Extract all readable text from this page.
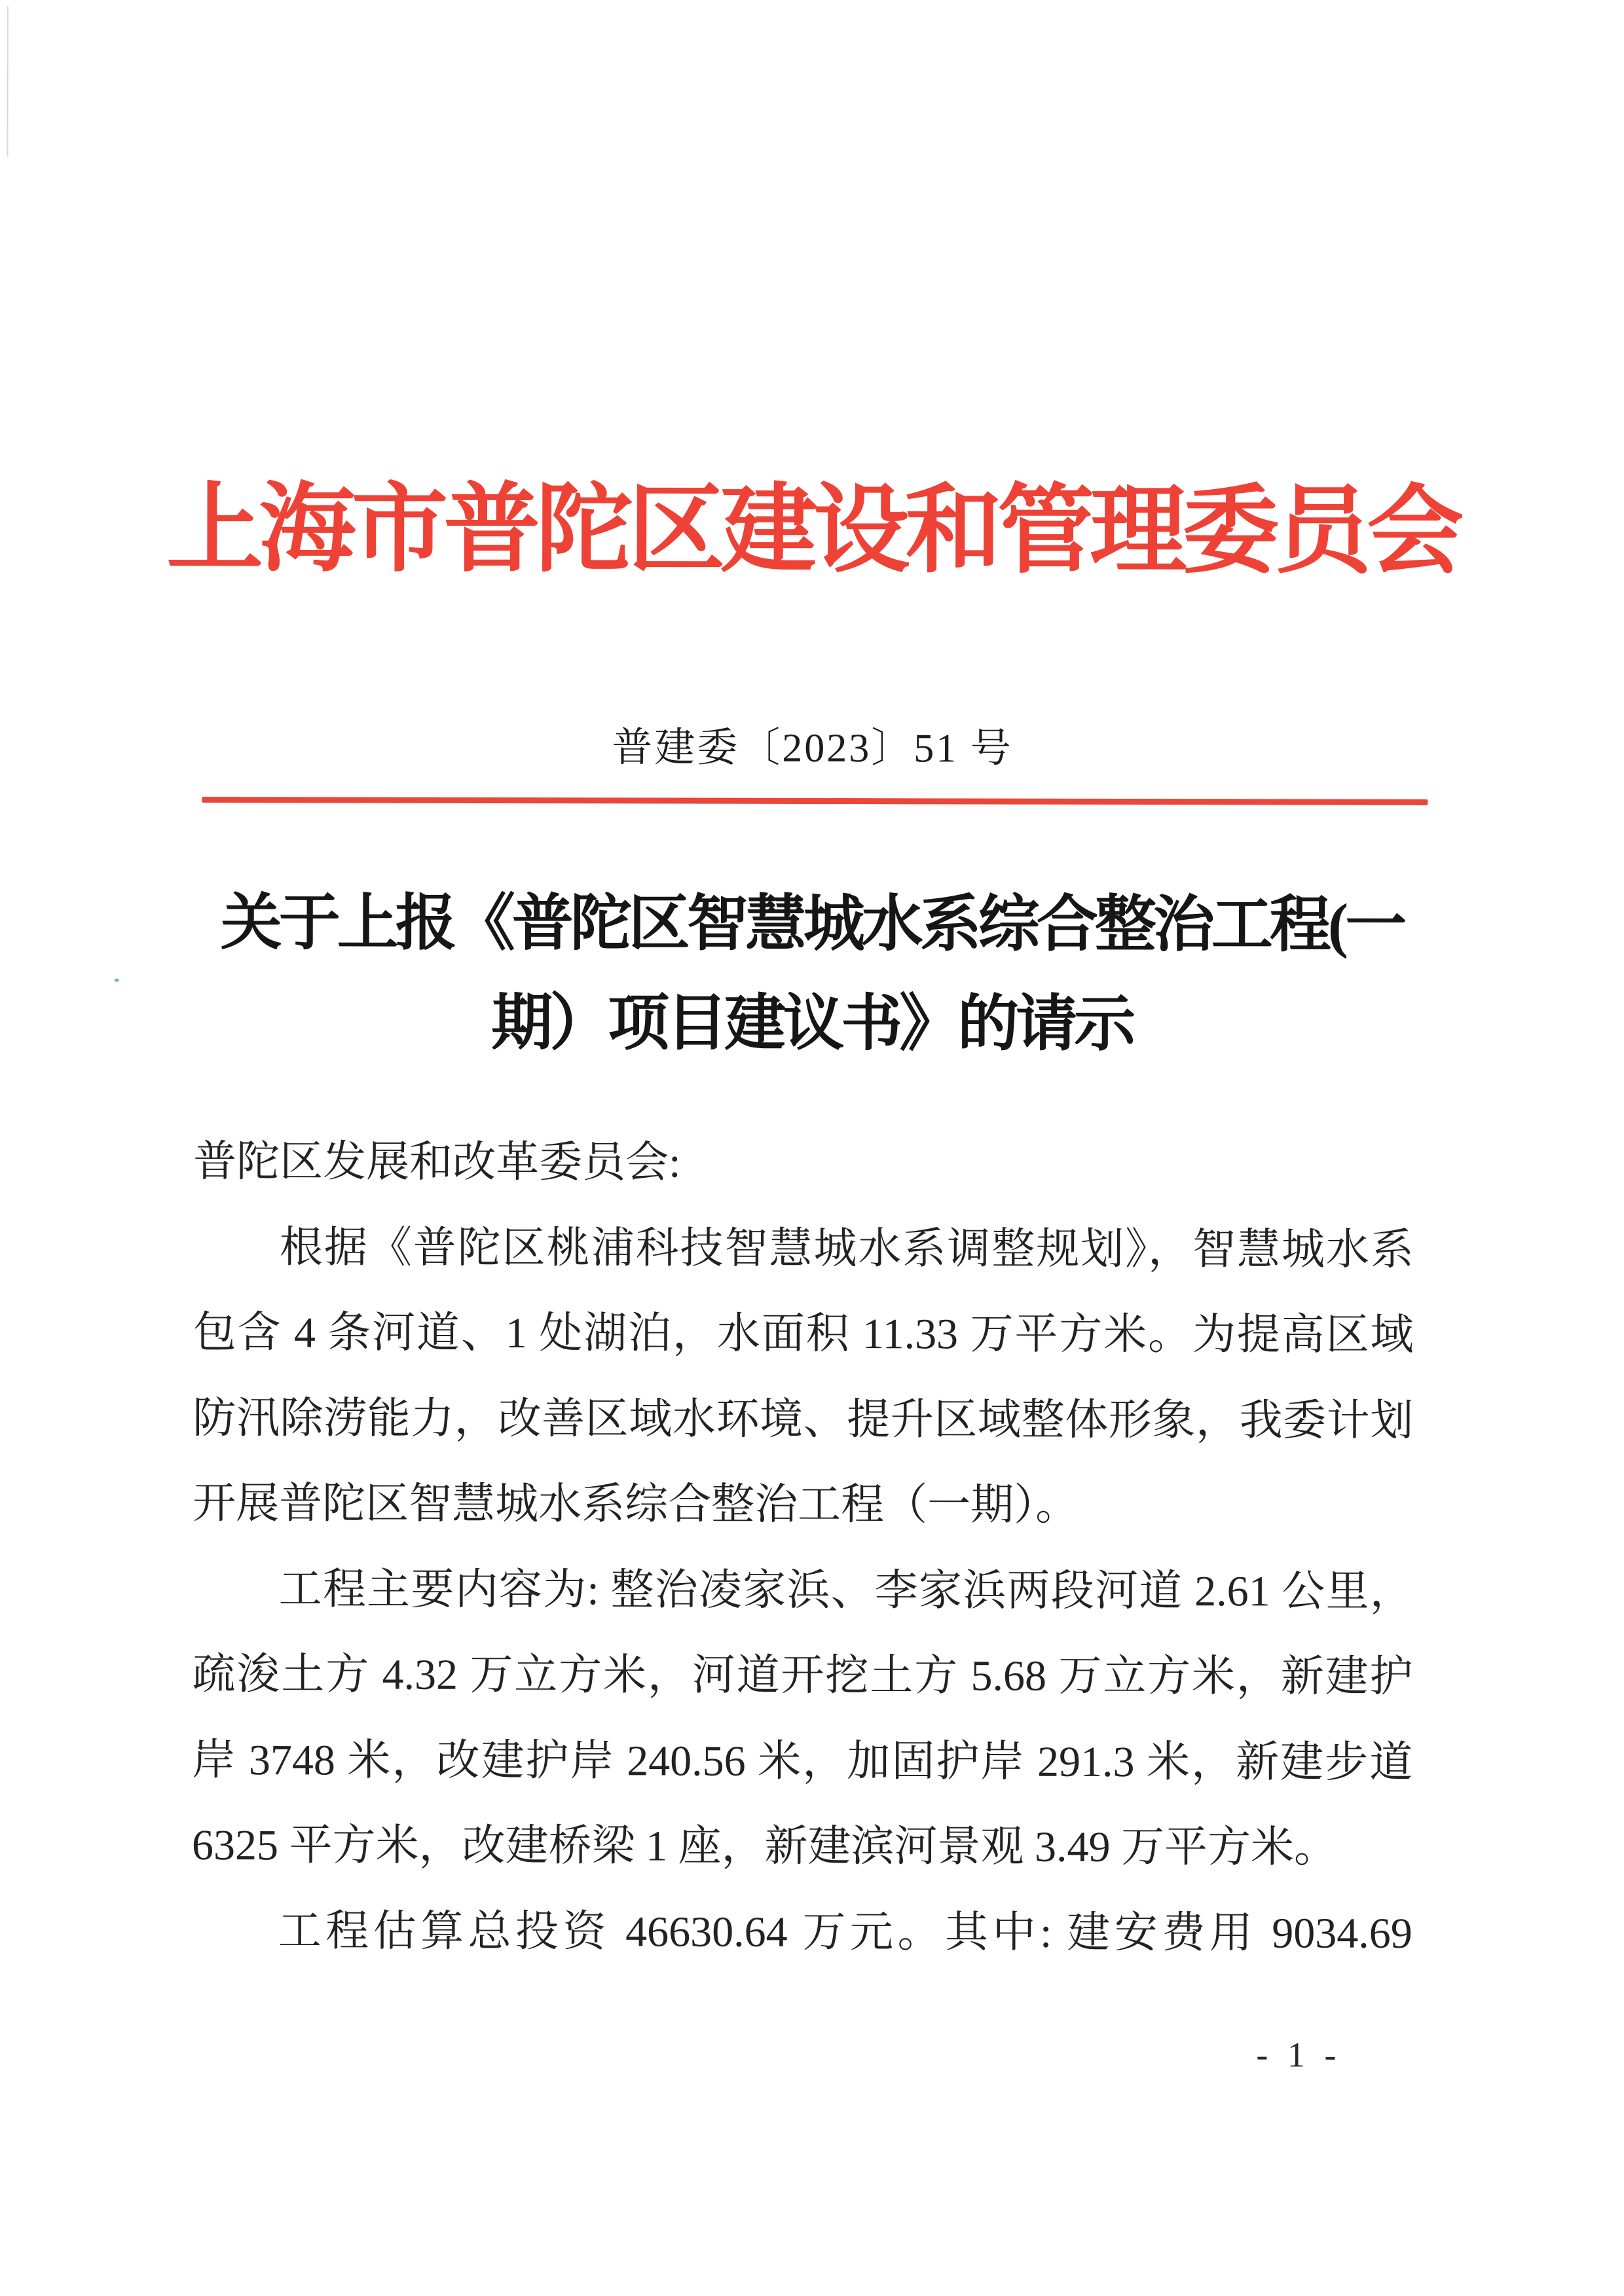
上海市普陀区建设和管理委员会
普建委〔2023〕51 号
关于上报《普陀区智慧城水系综合整治工程(一
期）项目建议书》的请示
普陀区发展和改革委员会:
根据《普陀区桃浦科技智慧城水系调整规划》，智慧城水系
包含 4 条河道、1 处湖泊，水面积 11.33 万平方米。为提高区域
防汛除涝能力，改善区域水环境、提升区域整体形象，我委计划
开展普陀区智慧城水系综合整治工程（一期）。
工程主要内容为: 整治凌家浜、李家浜两段河道 2.61 公里，
疏浚土方 4.32 万立方米，河道开挖土方 5.68 万立方米，新建护
岸 3748 米，改建护岸 240.56 米，加固护岸 291.3 米，新建步道
6325 平方米，改建桥梁 1 座，新建滨河景观 3.49 万平方米。
工程估算总投资 46630.64 万元。其中: 建安费用 9034.69
- 1 -
